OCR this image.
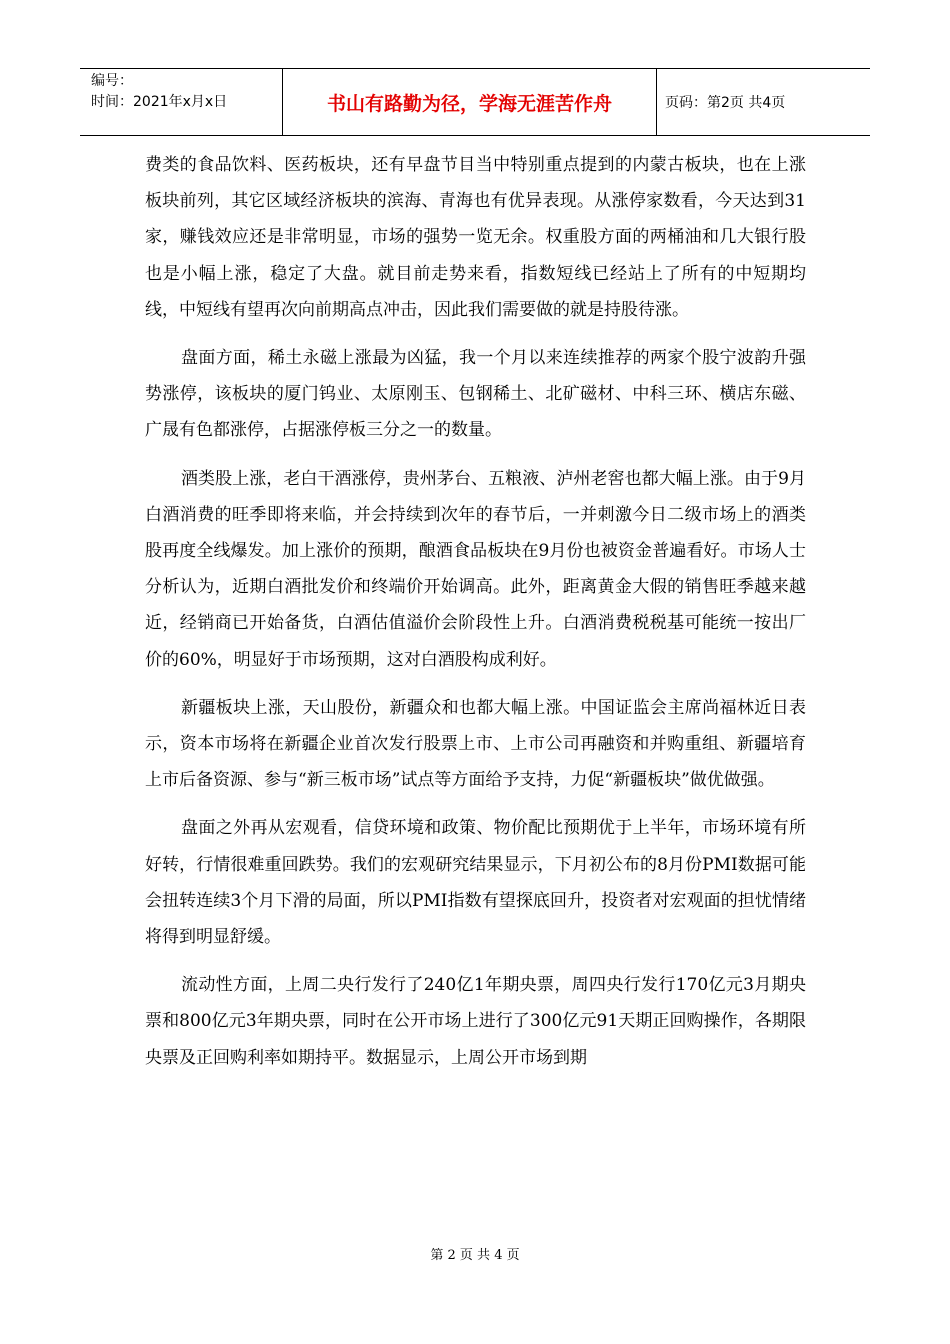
编号：
时间：2021年x月x日	书山有路勤为径，学海无涯苦作舟	页码：第2页 共4页

费类的食品饮料、医药板块，还有早盘节目当中特别重点提到的内蒙古板块，也在上涨板块前列，其它区域经济板块的滨海、青海也有优异表现。从涨停家数看，今天达到31家，赚钱效应还是非常明显，市场的强势一览无余。权重股方面的两桶油和几大银行股也是小幅上涨，稳定了大盘。就目前走势来看，指数短线已经站上了所有的中短期均线，中短线有望再次向前期高点冲击，因此我们需要做的就是持股待涨。

盘面方面，稀土永磁上涨最为凶猛，我一个月以来连续推荐的两家个股宁波韵升强势涨停，该板块的厦门钨业、太原刚玉、包钢稀土、北矿磁材、中科三环、横店东磁、广晟有色都涨停，占据涨停板三分之一的数量。

酒类股上涨，老白干酒涨停，贵州茅台、五粮液、泸州老窖也都大幅上涨。由于9月白酒消费的旺季即将来临，并会持续到次年的春节后，一并刺激今日二级市场上的酒类股再度全线爆发。加上涨价的预期，酿酒食品板块在9月份也被资金普遍看好。市场人士分析认为，近期白酒批发价和终端价开始调高。此外，距离黄金大假的销售旺季越来越近，经销商已开始备货，白酒估值溢价会阶段性上升。白酒消费税税基可能统一按出厂价的60%，明显好于市场预期，这对白酒股构成利好。

新疆板块上涨，天山股份，新疆众和也都大幅上涨。中国证监会主席尚福林近日表示，资本市场将在新疆企业首次发行股票上市、上市公司再融资和并购重组、新疆培育上市后备资源、参与“新三板市场”试点等方面给予支持，力促“新疆板块”做优做强。

盘面之外再从宏观看，信贷环境和政策、物价配比预期优于上半年，市场环境有所好转，行情很难重回跌势。我们的宏观研究结果显示，下月初公布的8月份PMI数据可能会扭转连续3个月下滑的局面，所以PMI指数有望探底回升，投资者对宏观面的担忧情绪将得到明显舒缓。

流动性方面，上周二央行发行了240亿1年期央票，周四央行发行170亿元3月期央票和800亿元3年期央票，同时在公开市场上进行了300亿元91天期正回购操作，各期限央票及正回购利率如期持平。数据显示，上周公开市场到期

第 2 页 共 4 页
